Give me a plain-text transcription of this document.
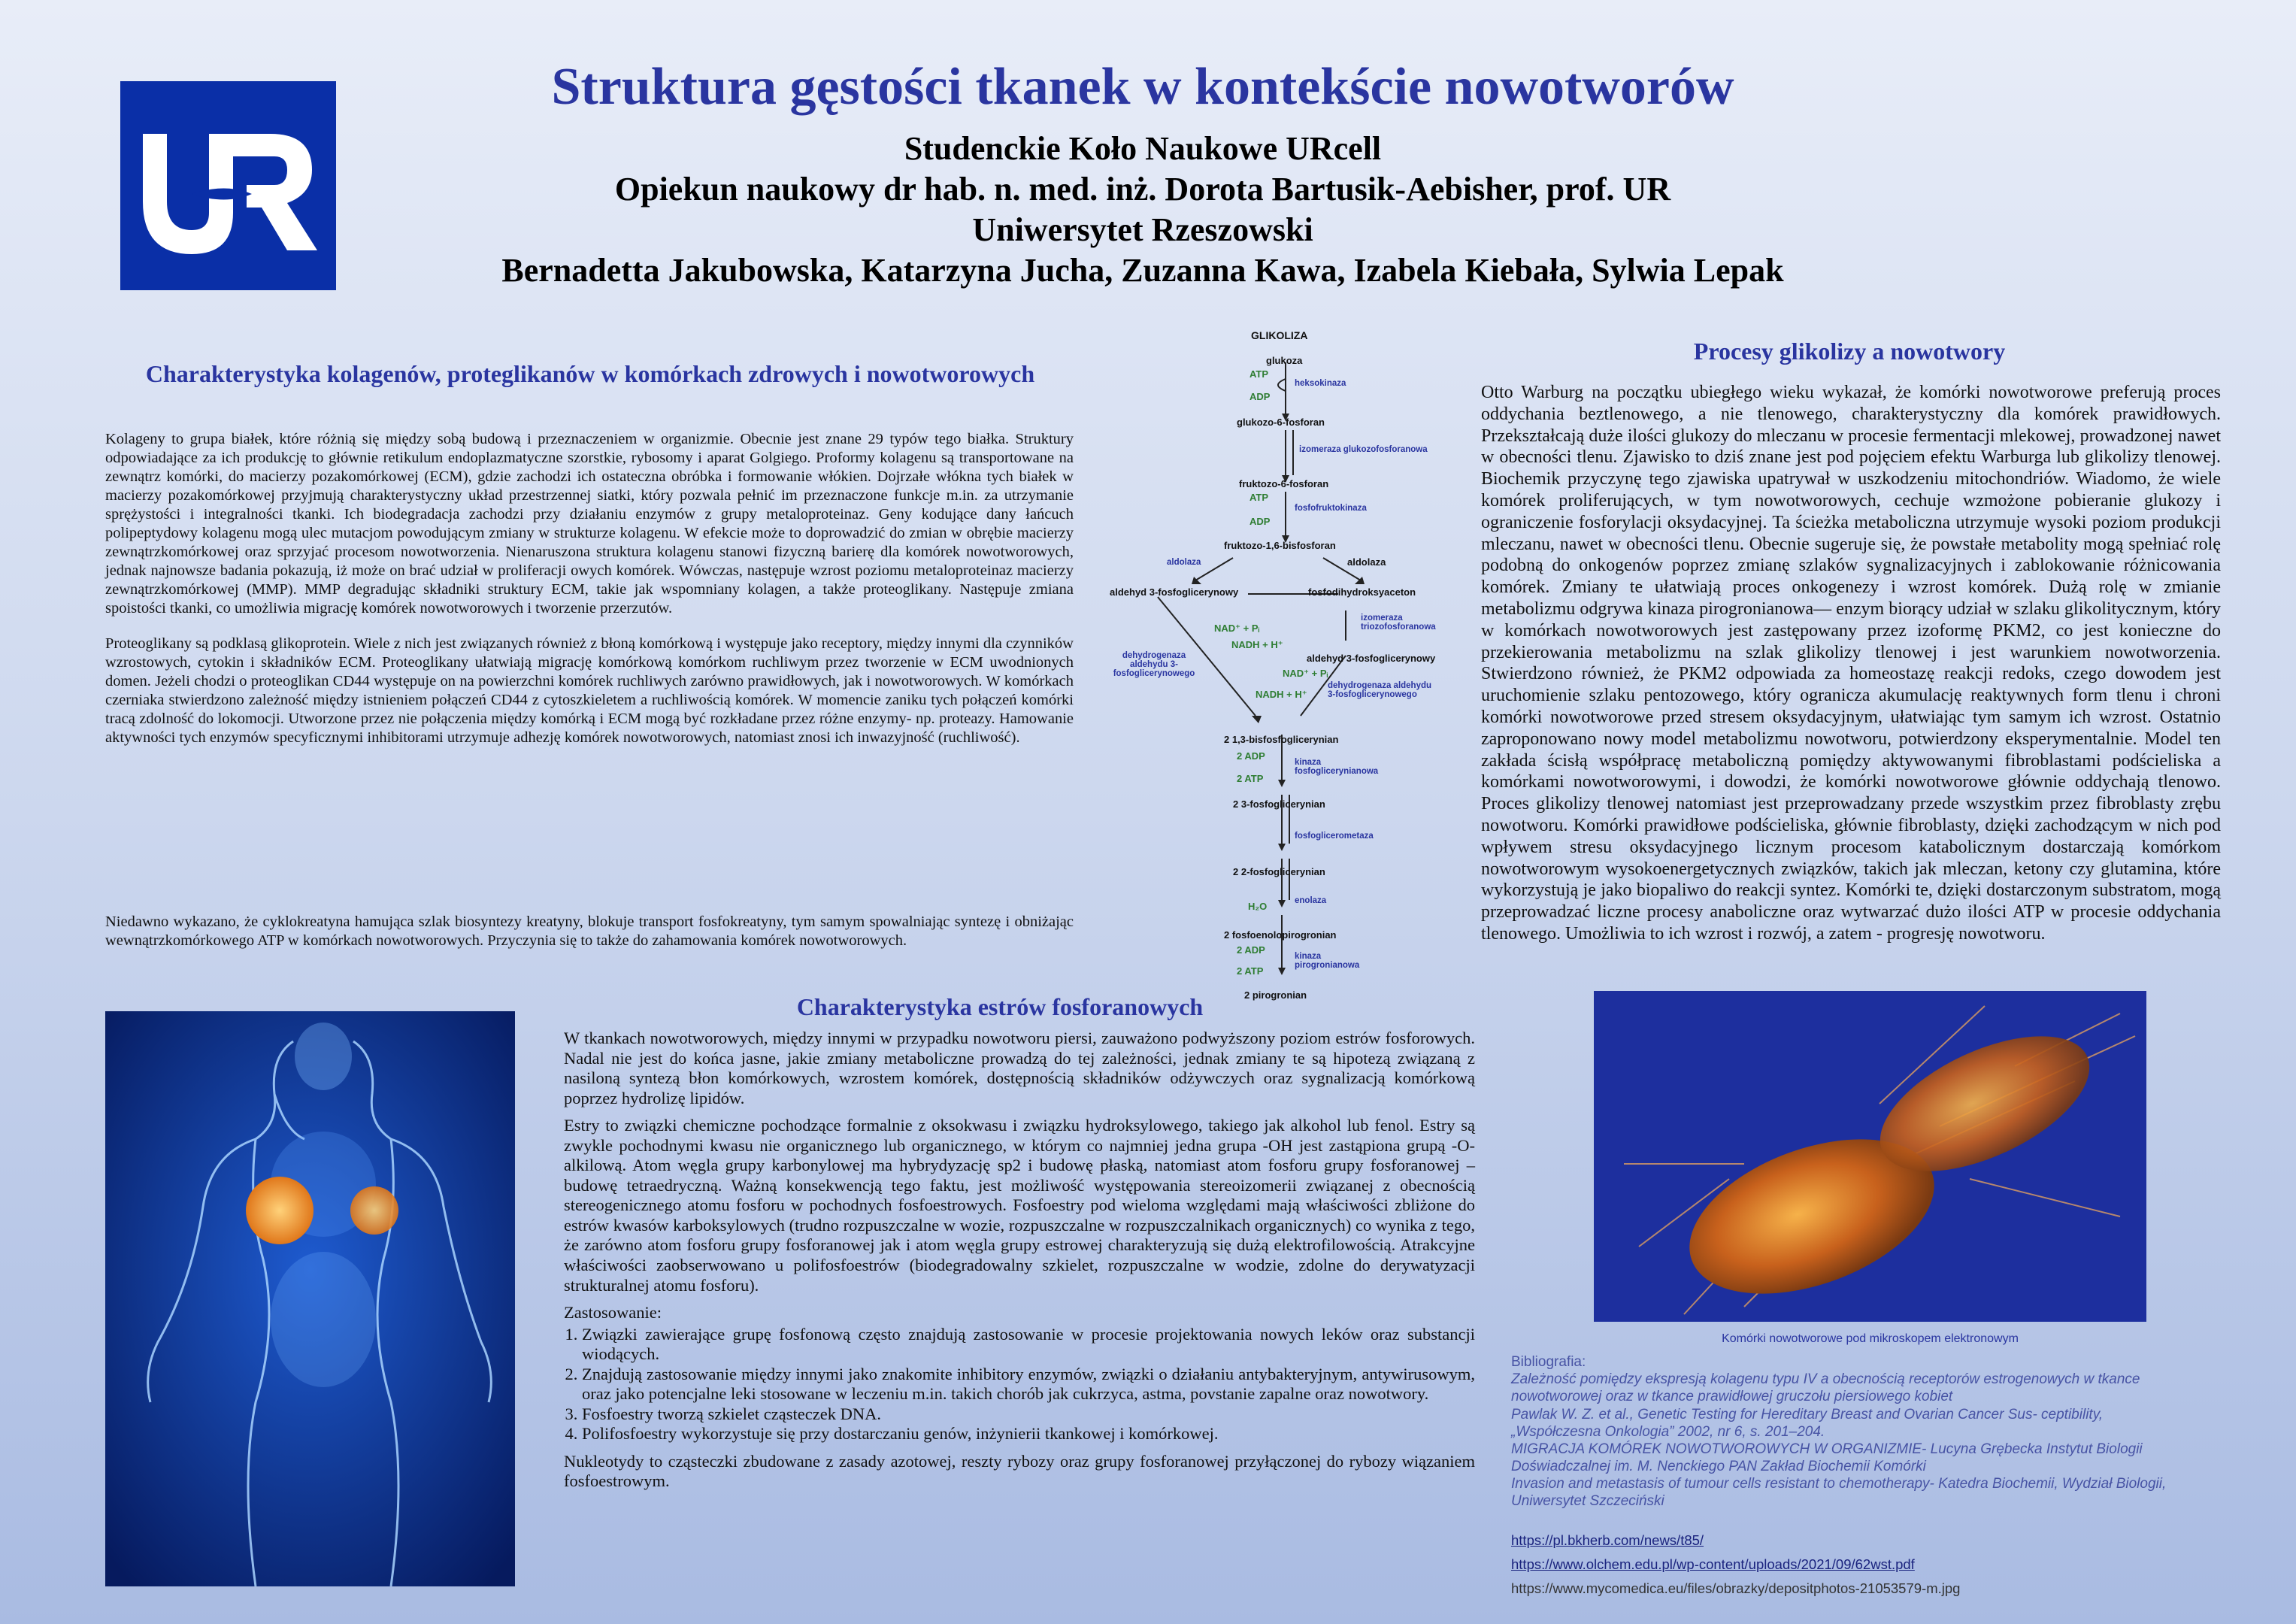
Struktura gęstości tkanek w kontekście nowotworów
Studenckie Koło Naukowe URcell
Opiekun naukowy dr hab. n. med. inż. Dorota Bartusik-Aebisher, prof. UR
Uniwersytet Rzeszowski
Bernadetta Jakubowska, Katarzyna Jucha, Zuzanna Kawa, Izabela Kiebała, Sylwia Lepak
Charakterystyka kolagenów, proteglikanów w komórkach zdrowych i nowotworowych

Kolageny to grupa białek, które różnią się między sobą budową i przeznaczeniem w organizmie. Obecnie jest znane 29 typów tego białka. Struktury odpowiadające za ich produkcję to głównie retikulum endoplazmatyczne szorstkie, rybosomy i aparat Golgiego. Proformy kolagenu są transportowane na zewnątrz komórki, do macierzy pozakomórkowej (ECM), gdzie zachodzi ich ostateczna obróbka i formowanie włókien. Dojrzałe włókna tych białek w macierzy pozakomórkowej przyjmują charakterystyczny układ przestrzennej siatki, który pozwala pełnić im przeznaczone funkcje m.in. za utrzymanie sprężystości i integralności tkanki. Ich biodegradacja zachodzi przy działaniu enzymów z grupy metaloproteinaz. Geny kodujące dany łańcuch polipeptydowy kolagenu mogą ulec mutacjom powodującym zmiany w strukturze kolagenu. W efekcie może to doprowadzić do zmian w obrębie macierzy zewnątrzkomórkowej oraz sprzyjać procesom nowotworzenia. Nienaruszona struktura kolagenu stanowi fizyczną barierę dla komórek nowotworowych, jednak najnowsze badania pokazują, iż może on brać udział w proliferacji owych komórek. Wówczas, następuje wzrost poziomu metaloproteinaz macierzy zewnątrzkomórkowej (MMP). MMP degradując składniki struktury ECM, takie jak wspomniany kolagen, a także proteoglikany. Następuje zmiana spoistości tkanki, co umożliwia migrację komórek nowotworowych i tworzenie przerzutów.

Proteoglikany są podklasą glikoprotein. Wiele z nich jest związanych również z błoną komórkową i występuje jako receptory, między innymi dla czynników wzrostowych, cytokin i składników ECM. Proteoglikany ułatwiają migrację komórkową komórkom ruchliwym przez tworzenie w ECM uwodnionych domen. Jeżeli chodzi o proteoglikan CD44 występuje on na powierzchni komórek ruchliwych zarówno prawidłowych, jak i nowotworowych. W komórkach czerniaka stwierdzono zależność między istnieniem połączeń CD44 z cytoszkieletem a ruchliwością komórek. W momencie zaniku tych połączeń komórki tracą zdolność do lokomocji. Utworzone przez nie połączenia między komórką i ECM mogą być rozkładane przez różne enzymy- np. proteazy. Hamowanie aktywności tych enzymów specyficznymi inhibitorami utrzymuje adhezję komórek nowotworowych, natomiast znosi ich inwazyjność (ruchliwość).

Niedawno wykazano, że cyklokreatyna hamująca szlak biosyntezy kreatyny, blokuje transport fosfokreatyny, tym samym spowalniając syntezę i obniżając wewnątrzkomórkowego ATP w komórkach nowotworowych. Przyczynia się to także do zahamowania komórek nowotworowych.
GLIKOLIZA
glukoza
ATP
heksokinaza
ADP
glukozo-6-fosforan
izomeraza glukozofosforanowa
fruktozo-6-fosforan
ATP
fosfofruktokinaza
ADP
fruktozo-1,6-bisfosforan
aldolaza	aldolaza
aldehyd 3-fosfoglicerynowy	fosfodihydroksyaceton
izomeraza triozofosforanowa
NAD⁺ + Pᵢ
NADH + H⁺
dehydrogenaza aldehydu 3-fosfoglicerynowego
aldehyd 3-fosfoglicerynowy
NAD⁺ + Pᵢ
NADH + H⁺
dehydrogenaza aldehydu 3-fosfoglicerynowego
2 1,3-bisfosfoglicerynian
2 ADP
kinaza fosfoglicerynianowa
2 ATP
2 3-fosfoglicerynian
fosfoglicerometaza
2 2-fosfoglicerynian
H₂O	enolaza
2 fosfoenolopirogronian
2 ADP
kinaza pirogronianowa
2 ATP
2 pirogronian
Charakterystyka estrów fosforanowych

W tkankach nowotworowych, między innymi w przypadku nowotworu piersi, zauważono podwyższony poziom estrów fosforowych. Nadal nie jest do końca jasne, jakie zmiany metaboliczne prowadzą do tej zależności, jednak zmiany te są hipotezą związaną z nasiloną syntezą błon komórkowych, wzrostem komórek, dostępnością składników odżywczych oraz sygnalizacją komórkową poprzez hydrolizę lipidów.

Estry to związki chemiczne pochodzące formalnie z oksokwasu i związku hydroksylowego, takiego jak alkohol lub fenol. Estry są zwykle pochodnymi kwasu nie organicznego lub organicznego, w którym co najmniej jedna grupa -OH jest zastąpiona grupą -O-alkilową. Atom węgla grupy karbonylowej ma hybrydyzację sp2 i budowę płaską, natomiast atom fosforu grupy fosforanowej – budowę tetraedryczną. Ważną konsekwencją tego faktu, jest możliwość występowania stereoizomerii związanej z obecnością stereogenicznego atomu fosforu w pochodnych fosfoestrowych. Fosfoestry pod wieloma względami mają właściwości zbliżone do estrów kwasów karboksylowych (trudno rozpuszczalne w wozie, rozpuszczalne w rozpuszczalnikach organicznych) co wynika z tego, że zarówno atom fosforu grupy fosforanowej jak i atom węgla grupy estrowej charakteryzują się dużą elektrofilowością. Atrakcyjne właściwości zaobserwowano u polifosfoestrów (biodegradowalny szkielet, rozpuszczalne w wodzie, zdolne do derywatyzacji strukturalnej atomu fosforu).

Zastosowanie:

1. Związki zawierające grupę fosfonową często znajdują zastosowanie w procesie projektowania nowych leków oraz substancji wiodących.
2. Znajdują zastosowanie między innymi jako znakomite inhibitory enzymów, związki o działaniu antybakteryjnym, antywirusowym, oraz jako potencjalne leki stosowane w leczeniu m.in. takich chorób jak cukrzyca, astma, povstanie zapalne oraz nowotwory.
3. Fosfoestry tworzą szkielet cząsteczek DNA.
4. Polifosfoestry wykorzystuje się przy dostarczaniu genów, inżynierii tkankowej i komórkowej.

Nukleotydy to cząsteczki zbudowane z zasady azotowej, reszty rybozy oraz grupy fosforanowej przyłączonej do rybozy wiązaniem fosfoestrowym.

Procesy glikolizy a nowotwory
Otto Warburg na początku ubiegłego wieku wykazał, że komórki nowotworowe preferują proces oddychania beztlenowego, a nie tlenowego, charakterystyczny dla komórek prawidłowych. Przekształcają duże ilości glukozy do mleczanu w procesie fermentacji mlekowej, prowadzonej nawet w obecności tlenu. Zjawisko to dziś znane jest pod pojęciem efektu Warburga lub glikolizy tlenowej. Biochemik przyczynę tego zjawiska upatrywał w uszkodzeniu mitochondriów. Wiadomo, że wiele komórek proliferujących, w tym nowotworowych, cechuje wzmożone pobieranie glukozy i ograniczenie fosforylacji oksydacyjnej. Ta ścieżka metaboliczna utrzymuje wysoki poziom produkcji mleczanu, nawet w obecności tlenu. Obecnie sugeruje się, że powstałe metabolity mogą spełniać rolę podobną do onkogenów poprzez zmianę szlaków sygnalizacyjnych i zablokowanie różnicowania komórek. Zmiany te ułatwiają proces onkogenezy i wzrost komórek. Dużą rolę w zmianie metabolizmu odgrywa kinaza pirogronianowa— enzym biorący udział w szlaku glikolitycznym, który w komórkach nowotworowych jest zastępowany przez izoformę PKM2, co jest konieczne do przekierowania metabolizmu na szlak glikolizy tlenowej i jest warunkiem nowotworzenia. Stwierdzono również, że PKM2 odpowiada za homeostazę reakcji redoks, czego dowodem jest uruchomienie szlaku pentozowego, który ogranicza akumulację reaktywnych form tlenu i chroni komórki nowotworowe przed stresem oksydacyjnym, ułatwiając tym samym ich wzrost. Ostatnio zaproponowano nowy model metabolizmu nowotworu, potwierdzony eksperymentalnie. Model ten zakłada ścisłą współpracę metaboliczną pomiędzy aktywowanymi fibroblastami podścieliska a komórkami nowotworowymi, i dowodzi, że komórki nowotworowe głównie oddychają tlenowo. Proces glikolizy tlenowej natomiast jest przeprowadzany przede wszystkim przez fibroblasty zrębu nowotworu. Komórki prawidłowe podścieliska, głównie fibroblasty, dzięki zachodzącym w nich pod wpływem stresu oksydacyjnego licznym procesom katabolicznym dostarczają komórkom nowotworowym wysokoenergetycznych związków, takich jak mleczan, ketony czy glutamina, które wykorzystują je jako biopaliwo do reakcji syntez. Komórki te, dzięki dostarczonym substratom, mogą przeprowadzać liczne procesy anaboliczne oraz wytwarzać dużo ilości ATP w procesie oddychania tlenowego. Umożliwia to ich wzrost i rozwój, a zatem - progresję nowotworu.
Komórki nowotworowe pod mikroskopem elektronowym
Bibliografia:
Zależność pomiędzy ekspresją kolagenu typu IV a obecnością receptorów estrogenowych w tkance nowotworowej oraz w tkance prawidłowej gruczołu piersiowego kobiet
Pawlak W. Z. et al., Genetic Testing for Hereditary Breast and Ovarian Cancer Sus- ceptibility, „Współczesna Onkologia” 2002, nr 6, s. 201–204.
MIGRACJA KOMÓREK NOWOTWOROWYCH W ORGANIZMIE- Lucyna Grębecka Instytut Biologii Doświadczalnej im. M. Nenckiego PAN Zakład Biochemii Komórki
Invasion and metastasis of tumour cells resistant to chemotherapy- Katedra Biochemii, Wydział Biologii, Uniwersytet Szczeciński
https://pl.bkherb.com/news/t85/
https://www.olchem.edu.pl/wp-content/uploads/2021/09/62wst.pdf
https://www.mycomedica.eu/files/obrazky/depositphotos-21053579-m.jpg
